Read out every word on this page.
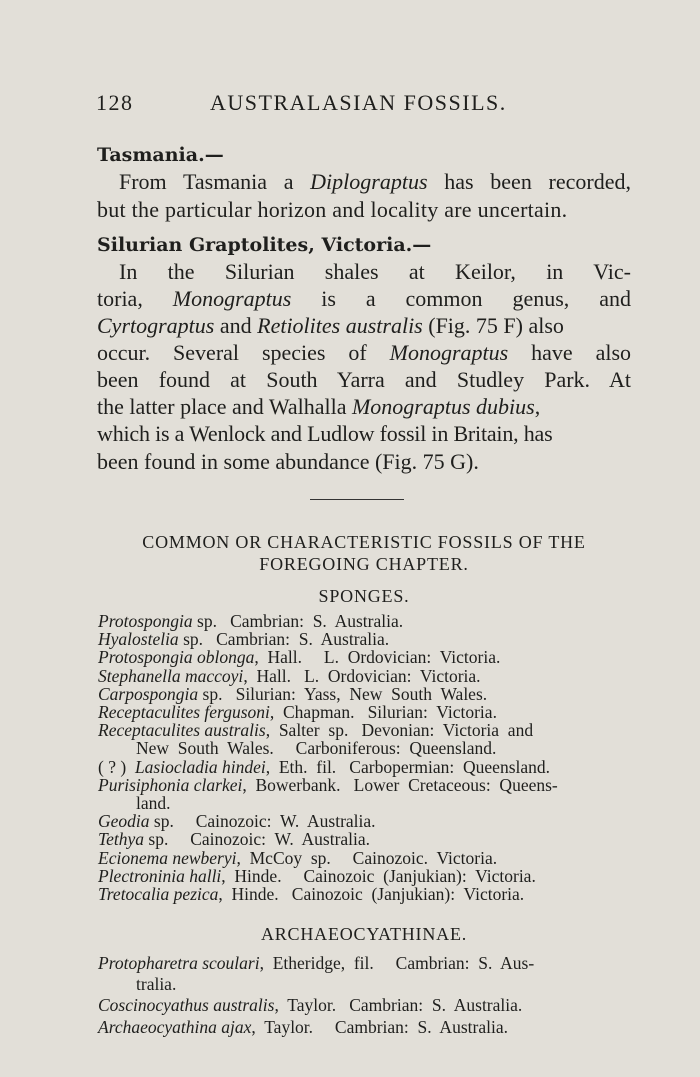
128	AUSTRALASIAN FOSSILS.
Tasmania.—
From Tasmania a Diplograptus has been recorded,
but the particular horizon and locality are uncertain.
Silurian Graptolites, Victoria.—
In the Silurian shales at Keilor, in Vic-
toria, Monograptus is a common genus, and
Cyrtograptus and Retiolites australis (Fig. 75 F) also
occur. Several species of Monograptus have also
been found at South Yarra and Studley Park. At
the latter place and Walhalla Monograptus dubius,
which is a Wenlock and Ludlow fossil in Britain, has
been found in some abundance (Fig. 75 G).
COMMON OR CHARACTERISTIC FOSSILS OF THE
FOREGOING CHAPTER.
SPONGES.
Protospongia sp.   Cambrian:  S.  Australia.
Hyalostelia sp.   Cambrian:  S.  Australia.
Protospongia oblonga,  Hall.     L.  Ordovician:  Victoria.
Stephanella maccoyi,  Hall.   L.  Ordovician:  Victoria.
Carpospongia sp.   Silurian:  Yass,  New  South  Wales.
Receptaculites fergusoni,  Chapman.   Silurian:  Victoria.
Receptaculites australis,  Salter  sp.   Devonian:  Victoria  and
New  South  Wales.     Carboniferous:  Queensland.
( ? )  Lasiocladia hindei,  Eth.  fil.   Carbopermian:  Queensland.
Purisiphonia clarkei,  Bowerbank.   Lower  Cretaceous:  Queens-
land.
Geodia sp.     Cainozoic:  W.  Australia.
Tethya sp.     Cainozoic:  W.  Australia.
Ecionema newberyi,  McCoy  sp.     Cainozoic.  Victoria.
Plectroninia halli,  Hinde.     Cainozoic  (Janjukian):  Victoria.
Tretocalia pezica,  Hinde.   Cainozoic  (Janjukian):  Victoria.
ARCHAEOCYATHINAE.
Protopharetra scoulari,  Etheridge,  fil.     Cambrian:  S.  Aus-
tralia.
Coscinocyathus australis,  Taylor.   Cambrian:  S.  Australia.
Archaeocyathina ajax,  Taylor.     Cambrian:  S.  Australia.
